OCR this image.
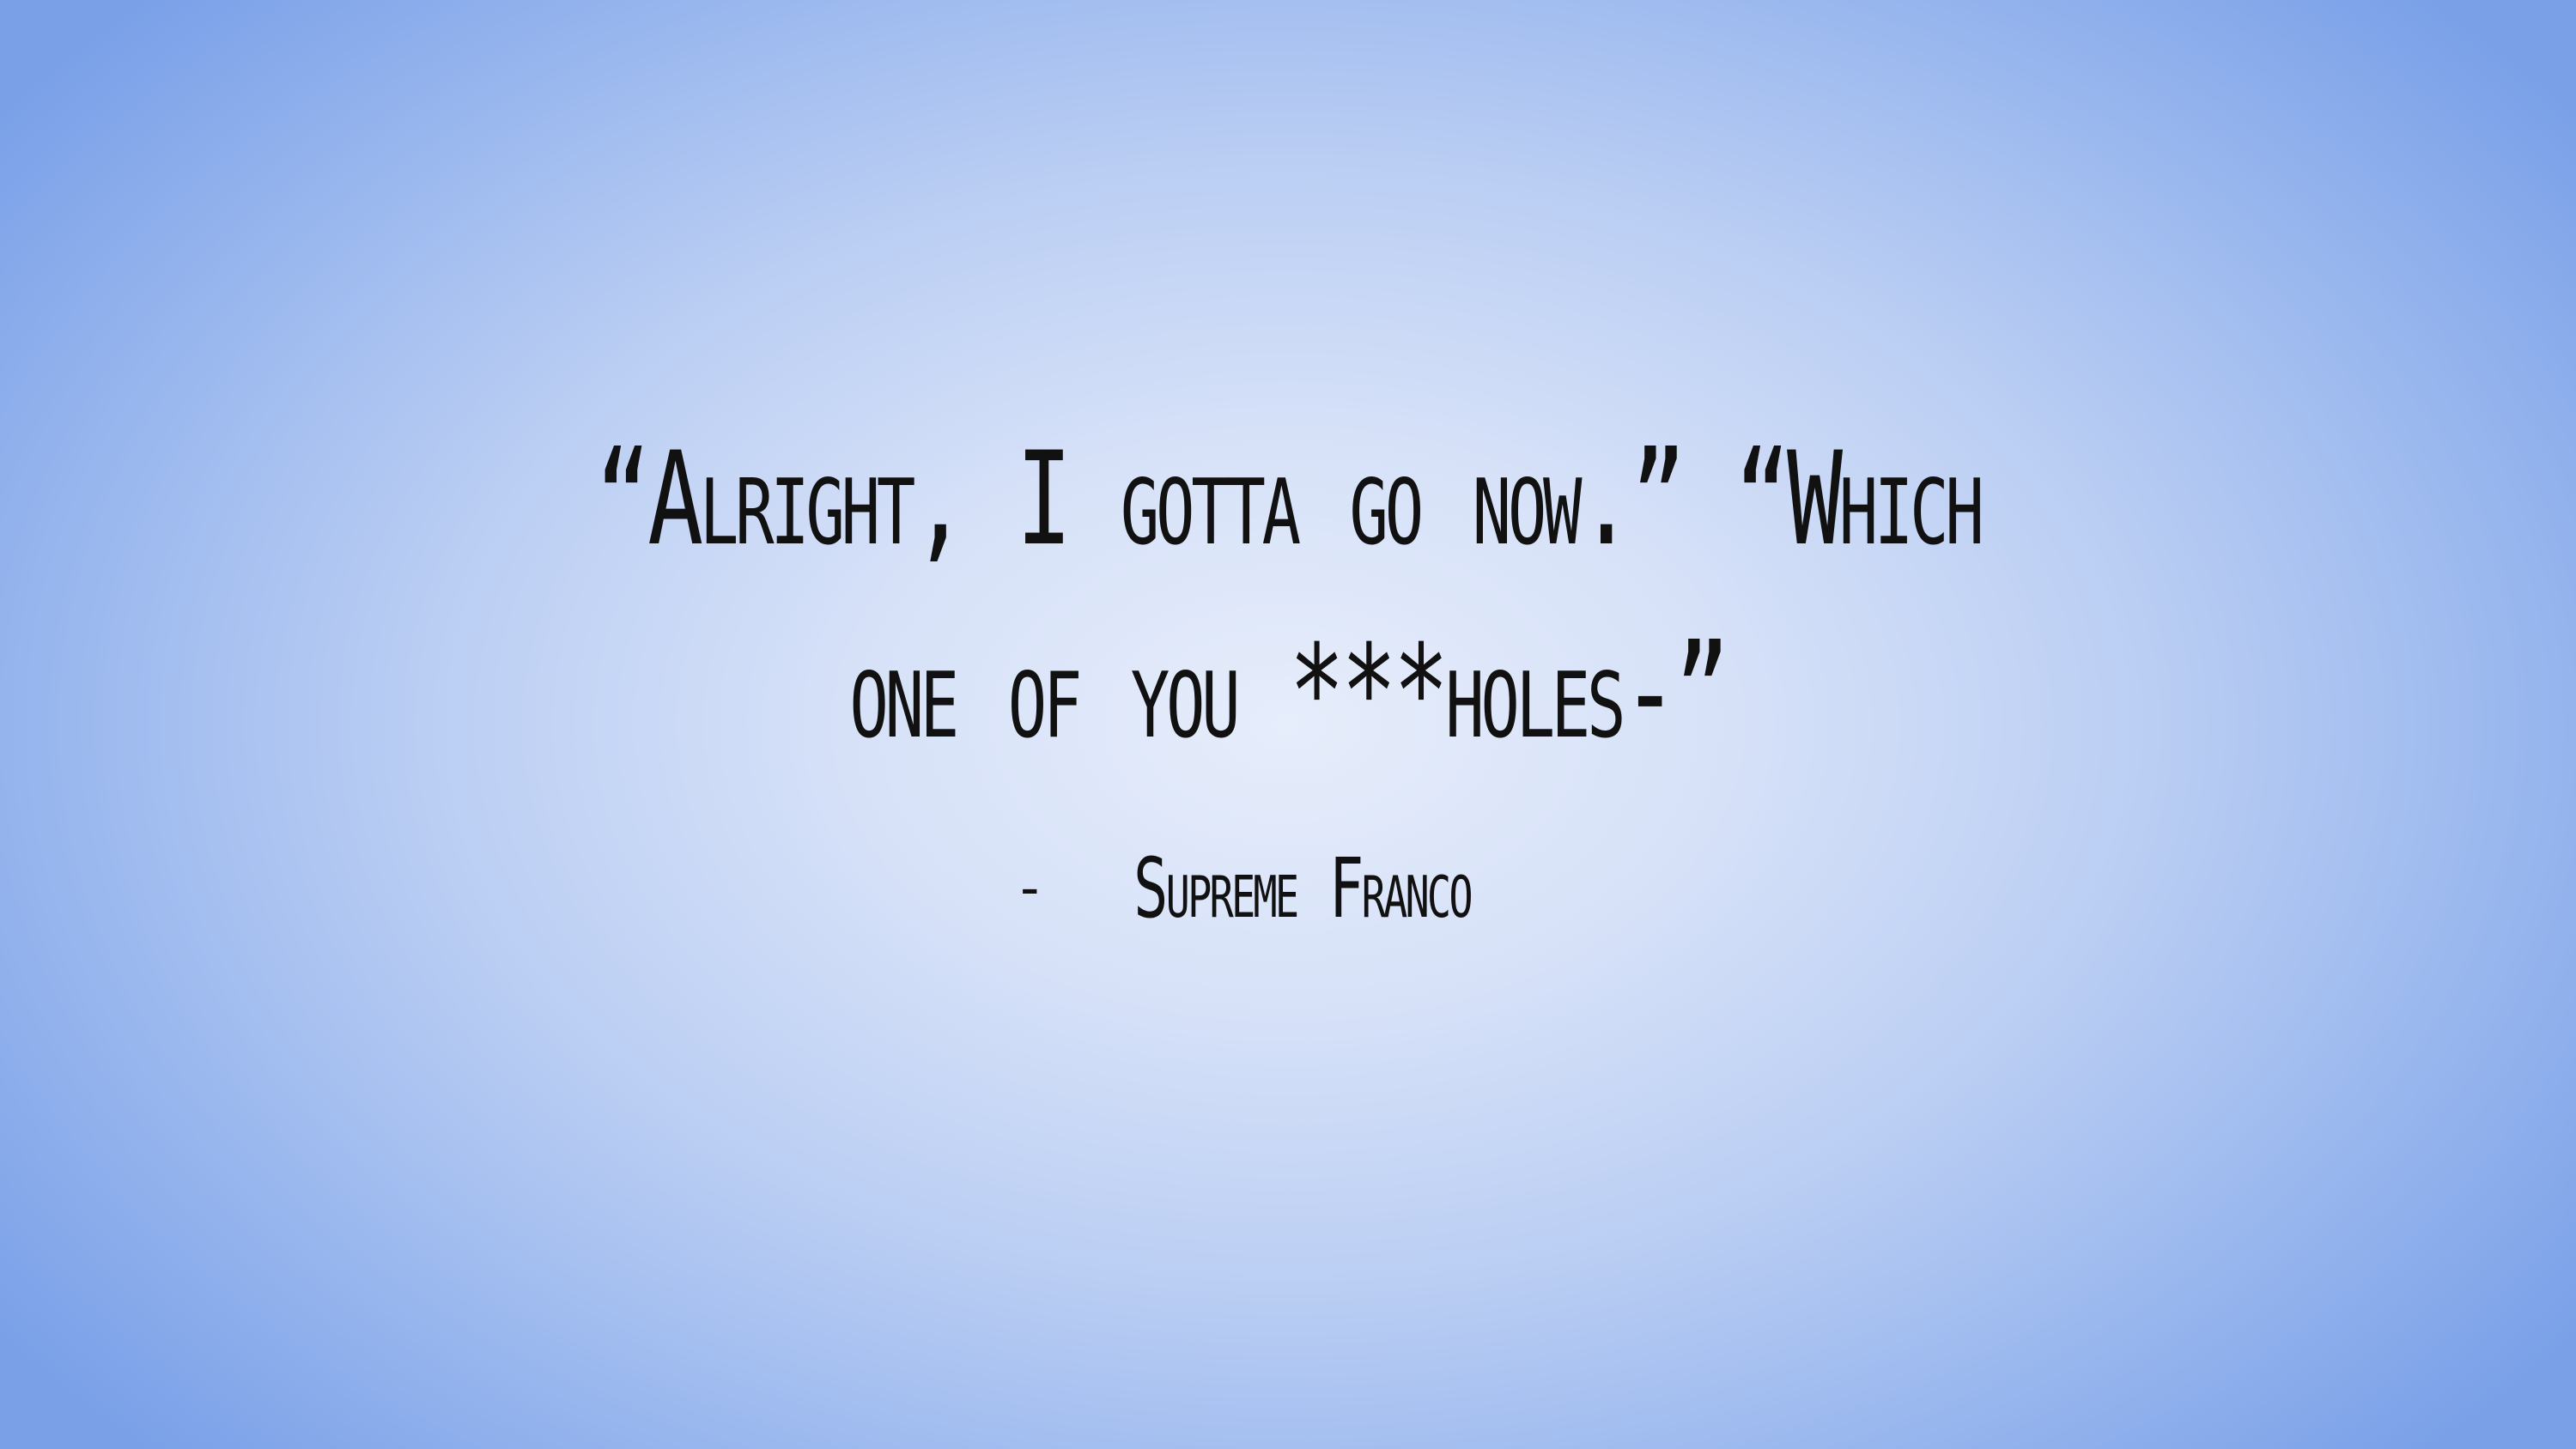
“Alright, I gotta go now.” “Which one of you ***holes-”
-	Supreme Franco
